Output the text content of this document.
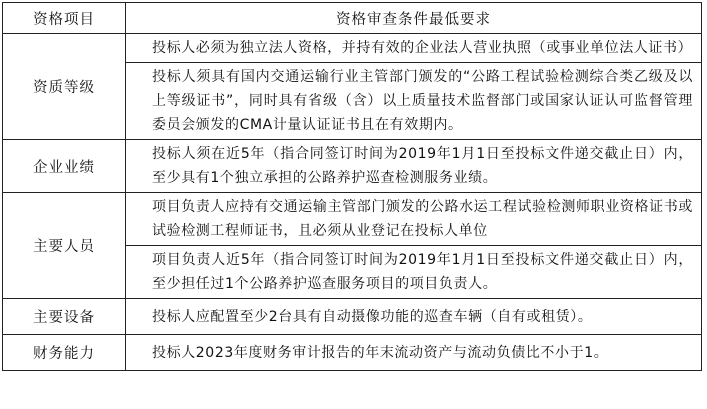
资格项目	资格审查条件最低要求
资质等级	投标人必须为独立法人资格，并持有效的企业法人营业执照（或事业单位法人证书）
	投标人须具有国内交通运输行业主管部门颁发的“公路工程试验检测综合类乙级及以上等级证书”，同时具有省级（含）以上质量技术监督部门或国家认证认可监督管理委员会颁发的CMA计量认证证书且在有效期内。
企业业绩	投标人须在近5年（指合同签订时间为2019年1月1日至投标文件递交截止日）内，至少具有1个独立承担的公路养护巡查检测服务业绩。
主要人员	项目负责人应持有交通运输主管部门颁发的公路水运工程试验检测师职业资格证书或试验检测工程师证书，且必须从业登记在投标人单位
	项目负责人近5年（指合同签订时间为2019年1月1日至投标文件递交截止日）内，至少担任过1个公路养护巡查服务项目的项目负责人。
主要设备	投标人应配置至少2台具有自动摄像功能的巡查车辆（自有或租赁）。
财务能力	投标人2023年度财务审计报告的年末流动资产与流动负债比不小于1。
